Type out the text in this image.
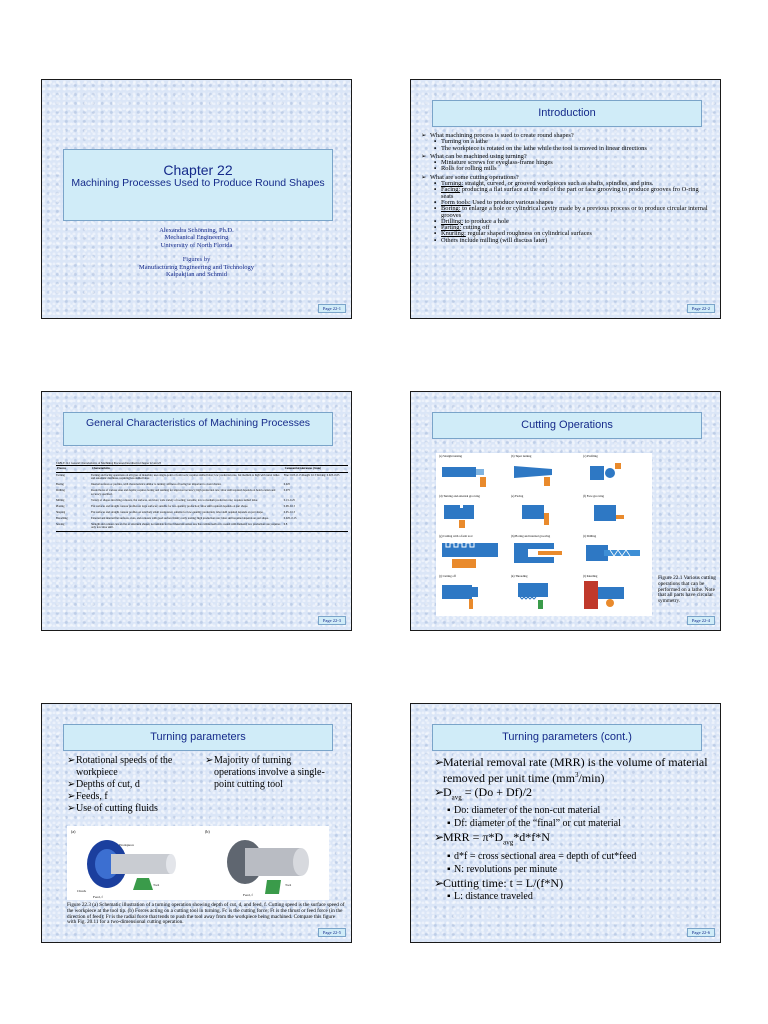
Chapter 22
Machining Processes Used to Produce Round Shapes
Alexandra Schönning, Ph.D.
Mechanical Engineering
University of North Florida
Figures by
Manufacturing Engineering and Technology
Kalpakjian and Schmid
Page 22-1
Introduction
➢ What machining process is sued to create round shapes?
▪ Turning on a lathe
▪ The workpiece is rotated on the lathe while the tool is moved in linear directions
➢ What can be machined using turning?
▪ Miniature screws for eyeglass-frame hinges
▪ Rolls for rolling mills
➢ What are some cutting operations?
▪ Turning: straight, curved, or grooved workpieces such as shafts, spindles, and pins.
▪ Facing: producing a flat surface at the end of the part or face grooving to produce grooves fro O-ring seats
▪ Form tools: Used to produce various shapes
▪ Boring: to enlarge a hole or cylindrical cavity made by a previous process or to produce circular internal grooves
▪ Drilling: to produce a hole
▪ Parting: cutting off
▪ Knurling: regular shaped roughness on cylindrical surfaces
▪ Others include milling (will discuss later)
Page 22-2
General Characteristics of Machining Processes
TABLE 22.1 General Characteristics of Machining Processes Described in Chapter 22 and 23
Process	Characteristics	Commercial tolerances (±mm)
Turning	Turning and facing operations on all types of materials; uses single-point or form tools; requires skilled labor; low production rate, but medium to high with turret lathes and automatic machines, requiring less skilled labor.	Fine: 0.05–0.13 Rough: 0.13 Skiving: 0.025–0.05
Boring	Internal surfaces or profiles, with characteristics similar to turning; stiffness of boring bar important to avoid chatter.	0.025
Drilling	Round holes of various sizes and depths; requires boring and reaming for improved accuracy; high production rate; labor skill required depends on hole location and accuracy specified.	0.075
Milling	Variety of shapes involving contours, flat surfaces, and slots; wide variety of tooling; versatile; low to medium production rate; requires skilled labor.	0.13–0.25
Planing	Flat surfaces and straight contour profiles on large surfaces; suitable for low-quantity production; labor skill required depends on part shape.	0.08–0.13
Shaping	Flat surfaces and straight contour profiles on relatively small workpieces; suitable for low-quantity production; labor skill required depends on part shape.	0.05–0.13
Broaching	External and internal flat surfaces, slots, and contours with good surface finish; costly tooling; high production rate; labor skill required depends on part shape.	0.025–0.15
Sawing	Straight and contour cuts on flat or structural shapes; not suitable for hard materials unless saw has carbide teeth or is coated with diamond; low production rate; requires only low labor skill.	0.8
Page 22-3
Cutting Operations
(a) Straight turning	(b) Taper turning	(c) Profiling
(d) Turning and external grooving	(e) Facing	(f) Face grooving
(g) Cutting with a form tool	(h) Boring and internal grooving	(i) Drilling
(j) Cutting off	(k) Threading	(l) Knurling	Figure 22.1 Various cutting operations that can be performed on a lathe. Note that all parts have circular symmetry.
Page 22-4
Turning parameters
➢ Rotational speeds of the workpiece
➢ Depths of cut, d
➢ Feeds, f
➢ Use of cutting fluids
➢ Majority of turning operations involve a single-point cutting tool
(a)
Workpiece
Chuck
Tool
Feed, f
(b)
Tool
Feed, f
Figure 22.3 (a) Schematic illustration of a turning operation showing depth of cut, d, and feed, f. Cutting speed is the surface speed of the workpiece at the tool tip. (b) Forces acting on a cutting tool in turning. Fc is the cutting force; Ft is the thrust or feed force (in the direction of feed); Fr is the radial force that tends to push the tool away from the workpiece being machined. Compare this figure with Fig. 20.11 for a two-dimensional cutting operation.
Page 22-5
Turning parameters (cont.)
➢ Material removal rate (MRR) is the volume of material removed per unit time $(mm^3/\min)$
➢ $D_{avg} = (Do + Df)/2$
▪ Do: diameter of the non-cut material
▪ Df: diameter of the “final” or cut material
➢ MRR = $\pi*D_{avg}*d*f*N$
▪ d*f = cross sectional area = depth of cut*feed
▪ N: revolutions per minute
➢ Cutting time: t = L/(f*N)
▪ L: distance traveled
Page 22-6
